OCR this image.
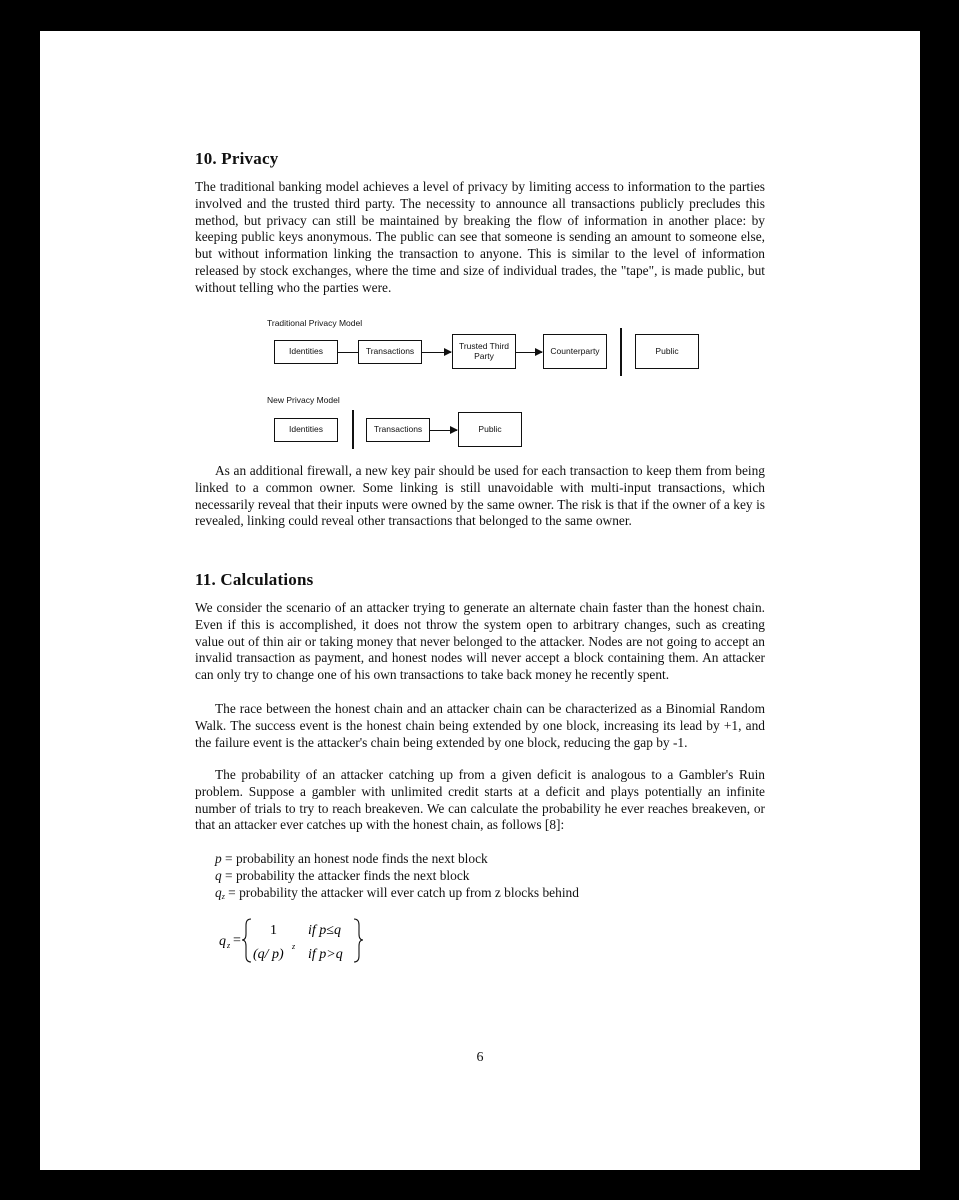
10. Privacy

The traditional banking model achieves a level of privacy by limiting access to information to the parties involved and the trusted third party. The necessity to announce all transactions publicly precludes this method, but privacy can still be maintained by breaking the flow of information in another place: by keeping public keys anonymous. The public can see that someone is sending an amount to someone else, but without information linking the transaction to anyone. This is similar to the level of information released by stock exchanges, where the time and size of individual trades, the "tape", is made public, but without telling who the parties were.

Traditional Privacy Model
Identities	Transactions
Trusted Third Party	Counterparty	Public
New Privacy Model
Identities	Transactions	Public

As an additional firewall, a new key pair should be used for each transaction to keep them from being linked to a common owner. Some linking is still unavoidable with multi-input transactions, which necessarily reveal that their inputs were owned by the same owner. The risk is that if the owner of a key is revealed, linking could reveal other transactions that belonged to the same owner.

11. Calculations

We consider the scenario of an attacker trying to generate an alternate chain faster than the honest chain. Even if this is accomplished, it does not throw the system open to arbitrary changes, such as creating value out of thin air or taking money that never belonged to the attacker. Nodes are not going to accept an invalid transaction as payment, and honest nodes will never accept a block containing them. An attacker can only try to change one of his own transactions to take back money he recently spent.

The race between the honest chain and an attacker chain can be characterized as a Binomial Random Walk. The success event is the honest chain being extended by one block, increasing its lead by +1, and the failure event is the attacker's chain being extended by one block, reducing the gap by -1.

The probability of an attacker catching up from a given deficit is analogous to a Gambler's Ruin problem. Suppose a gambler with unlimited credit starts at a deficit and plays potentially an infinite number of trials to try to reach breakeven. We can calculate the probability he ever reaches breakeven, or that an attacker ever catches up with the honest chain, as follows [8]:

p = probability an honest node finds the next block
q = probability the attacker finds the next block
$q_z$ = probability the attacker will ever catch up from z blocks behind
q z =
1 if p≤q
(q/ p)
z
if p>q
6
